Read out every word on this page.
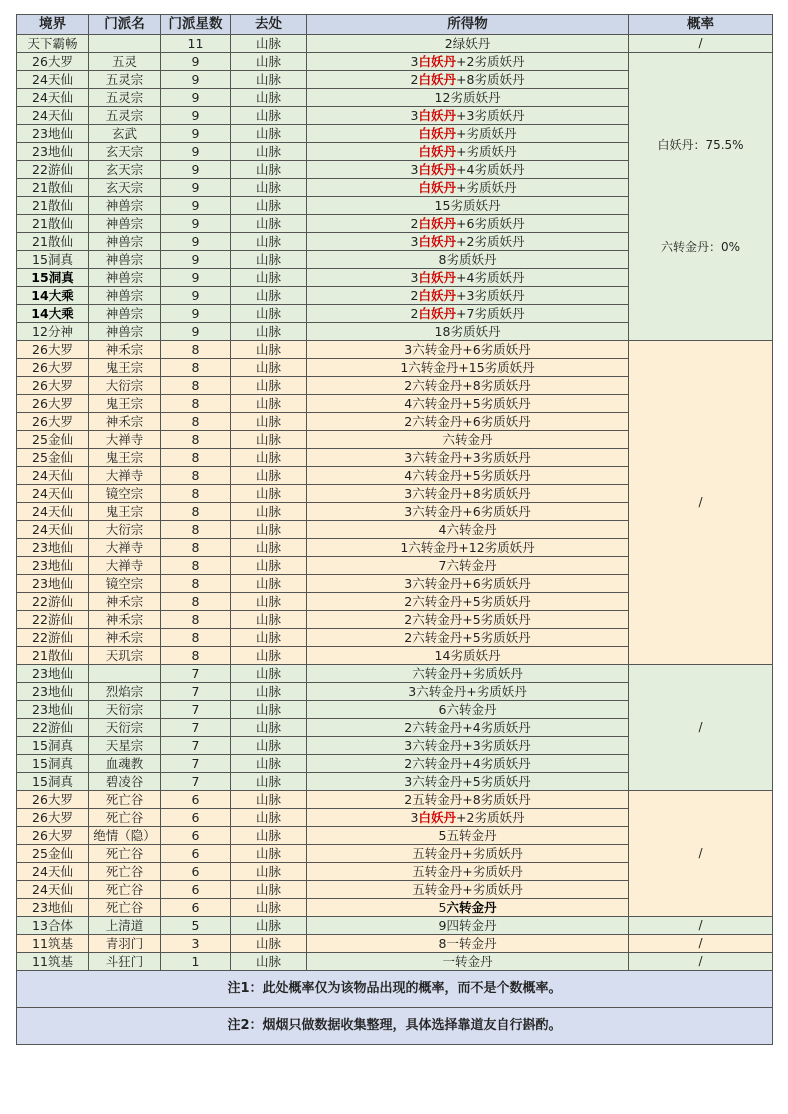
境界	门派名	门派星数	去处	所得物	概率
天下霸畅		11	山脉	2绿妖丹	/

26大罗	五灵	9	山脉	3白妖丹+2劣质妖丹	白妖丹：75.5%
六转金丹：0%

24天仙	五灵宗	9	山脉	2白妖丹+8劣质妖丹	
24天仙	五灵宗	9	山脉	12劣质妖丹	
24天仙	五灵宗	9	山脉	3白妖丹+3劣质妖丹	
23地仙	玄武	9	山脉	白妖丹+劣质妖丹	
23地仙	玄天宗	9	山脉	白妖丹+劣质妖丹	
22游仙	玄天宗	9	山脉	3白妖丹+4劣质妖丹	
21散仙	玄天宗	9	山脉	白妖丹+劣质妖丹	
21散仙	神兽宗	9	山脉	15劣质妖丹	
21散仙	神兽宗	9	山脉	2白妖丹+6劣质妖丹	
21散仙	神兽宗	9	山脉	3白妖丹+2劣质妖丹	
15洞真	神兽宗	9	山脉	8劣质妖丹	
15洞真	神兽宗	9	山脉	3白妖丹+4劣质妖丹	
14大乘	神兽宗	9	山脉	2白妖丹+3劣质妖丹	
14大乘	神兽宗	9	山脉	2白妖丹+7劣质妖丹	
12分神	神兽宗	9	山脉	18劣质妖丹	
26大罗	神禾宗	8	山脉	3六转金丹+6劣质妖丹	/

26大罗	鬼王宗	8	山脉	1六转金丹+15劣质妖丹	
26大罗	大衍宗	8	山脉	2六转金丹+8劣质妖丹	
26大罗	鬼王宗	8	山脉	4六转金丹+5劣质妖丹	
26大罗	神禾宗	8	山脉	2六转金丹+6劣质妖丹	
25金仙	大禅寺	8	山脉	六转金丹	
25金仙	鬼王宗	8	山脉	3六转金丹+3劣质妖丹	
24天仙	大禅寺	8	山脉	4六转金丹+5劣质妖丹	
24天仙	镜空宗	8	山脉	3六转金丹+8劣质妖丹	
24天仙	鬼王宗	8	山脉	3六转金丹+6劣质妖丹	
24天仙	大衍宗	8	山脉	4六转金丹	
23地仙	大禅寺	8	山脉	1六转金丹+12劣质妖丹	
23地仙	大禅寺	8	山脉	7六转金丹	
23地仙	镜空宗	8	山脉	3六转金丹+6劣质妖丹	
22游仙	神禾宗	8	山脉	2六转金丹+5劣质妖丹	
22游仙	神禾宗	8	山脉	2六转金丹+5劣质妖丹	
22游仙	神禾宗	8	山脉	2六转金丹+5劣质妖丹	
21散仙	天玑宗	8	山脉	14劣质妖丹	
23地仙		7	山脉	六转金丹+劣质妖丹	/

23地仙	烈焰宗	7	山脉	3六转金丹+劣质妖丹	
23地仙	天衍宗	7	山脉	6六转金丹	
22游仙	天衍宗	7	山脉	2六转金丹+4劣质妖丹	
15洞真	天星宗	7	山脉	3六转金丹+3劣质妖丹	
15洞真	血魂教	7	山脉	2六转金丹+4劣质妖丹	
15洞真	碧凌谷	7	山脉	3六转金丹+5劣质妖丹	
26大罗	死亡谷	6	山脉	2五转金丹+8劣质妖丹	/

26大罗	死亡谷	6	山脉	3白妖丹+2劣质妖丹	
26大罗	绝情（隐）	6	山脉	5五转金丹	
25金仙	死亡谷	6	山脉	五转金丹+劣质妖丹	
24天仙	死亡谷	6	山脉	五转金丹+劣质妖丹	
24天仙	死亡谷	6	山脉	五转金丹+劣质妖丹	
23地仙	死亡谷	6	山脉	5六转金丹	
13合体	上清道	5	山脉	9四转金丹	/

11筑基	青羽门	3	山脉	8一转金丹	/

11筑基	斗狂门	1	山脉	一转金丹	/

注1：此处概率仅为该物品出现的概率，而不是个数概率。					
注2：烟烟只做数据收集整理，具体选择靠道友自行斟酌。					
